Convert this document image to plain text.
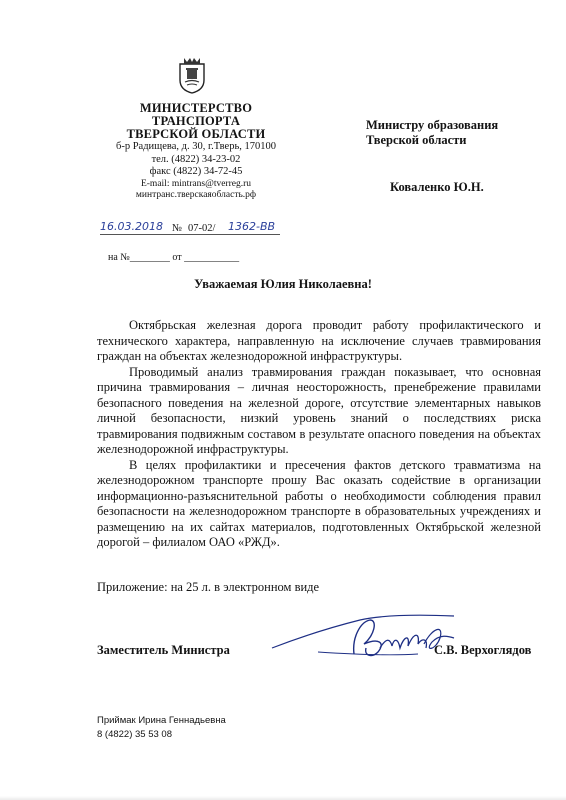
МИНИСТЕРСТВО
ТРАНСПОРТА
ТВЕРСКОЙ ОБЛАСТИ
б-р Радищева, д. 30, г.Тверь, 170100
тел. (4822) 34-23-02
факс (4822) 34-72-45
E-mail: mintrans@tverreg.ru
минтранс.тверскаяобласть.рф
16.03.2018 № 07-02/ 1362-ВВ
на №________ от ___________
Министру образования
Тверской области
Коваленко Ю.Н.
Уважаемая Юлия Николаевна!

Октябрьская железная дорога проводит работу профилактического и технического характера, направленную на исключение случаев травмирования граждан на объектах железнодорожной инфраструктуры.

Проводимый анализ травмирования граждан показывает, что основная причина травмирования – личная неосторожность, пренебрежение правилами безопасного поведения на железной дороге, отсутствие элементарных навыков личной безопасности, низкий уровень знаний о последствиях риска травмирования подвижным составом в результате опасного поведения на объектах железнодорожной инфраструктуры.

В целях профилактики и пресечения фактов детского травматизма на железнодорожном транспорте прошу Вас оказать содействие в организации информационно-разъяснительной работы о необходимости соблюдения правил безопасности на железнодорожном транспорте в образовательных учреждениях и размещению на их сайтах материалов, подготовленных Октябрьской железной дорогой – филиалом ОАО «РЖД».

Приложение: на 25 л. в электронном виде
Заместитель Министра	С.В. Верхоглядов
Приймак Ирина Геннадьевна
8 (4822) 35 53 08
